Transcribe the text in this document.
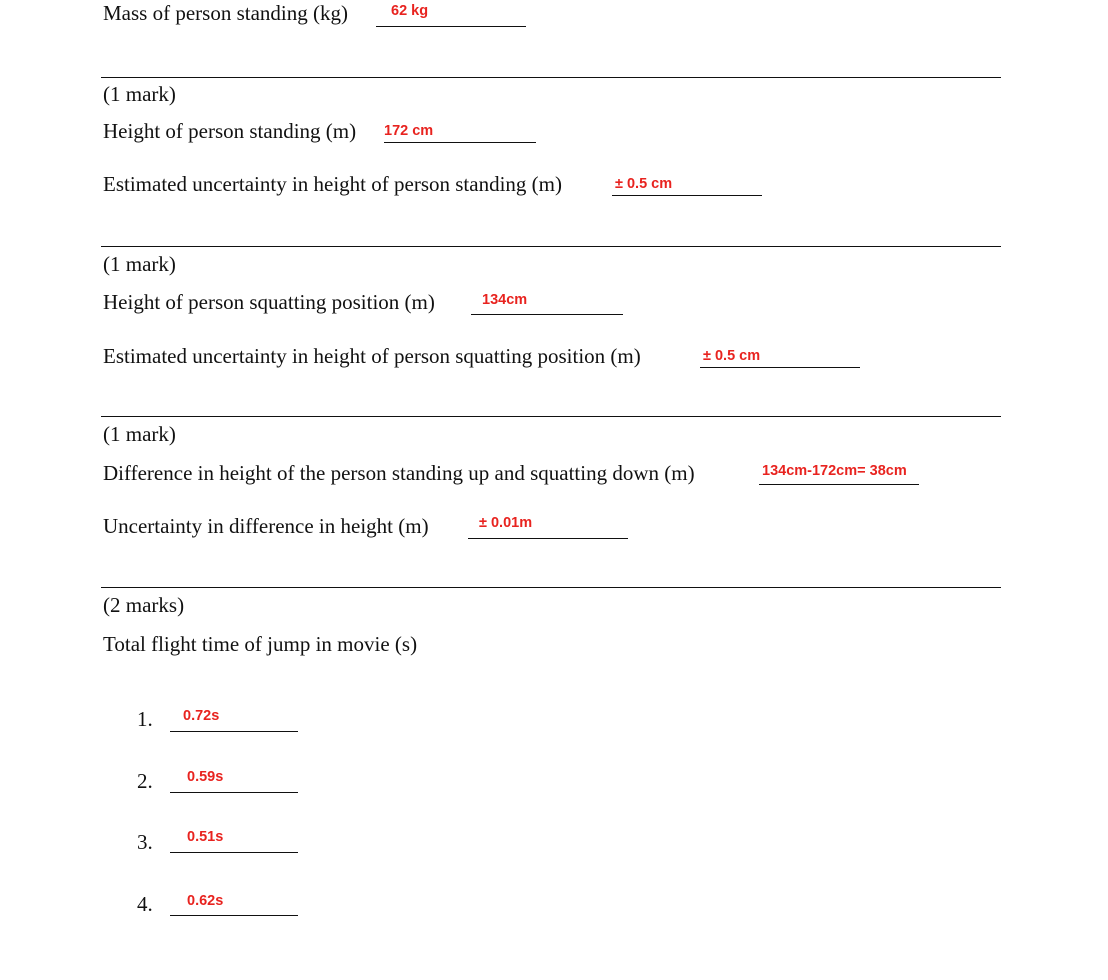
Mass of person standing (kg)	62 kg
(1 mark)
Height of person standing (m) 172 cm
Estimated uncertainty in height of person standing (m)	± 0.5 cm
(1 mark)
Height of person squatting position (m)	134cm
Estimated uncertainty in height of person squatting position (m)	± 0.5 cm
(1 mark)
Difference in height of the person standing up and squatting down (m)	134cm-172cm= 38cm
Uncertainty in difference in height (m)	± 0.01m
(2 marks)
Total flight time of jump in movie (s)
1. 0.72s
2. 0.59s
3. 0.51s
4. 0.62s
